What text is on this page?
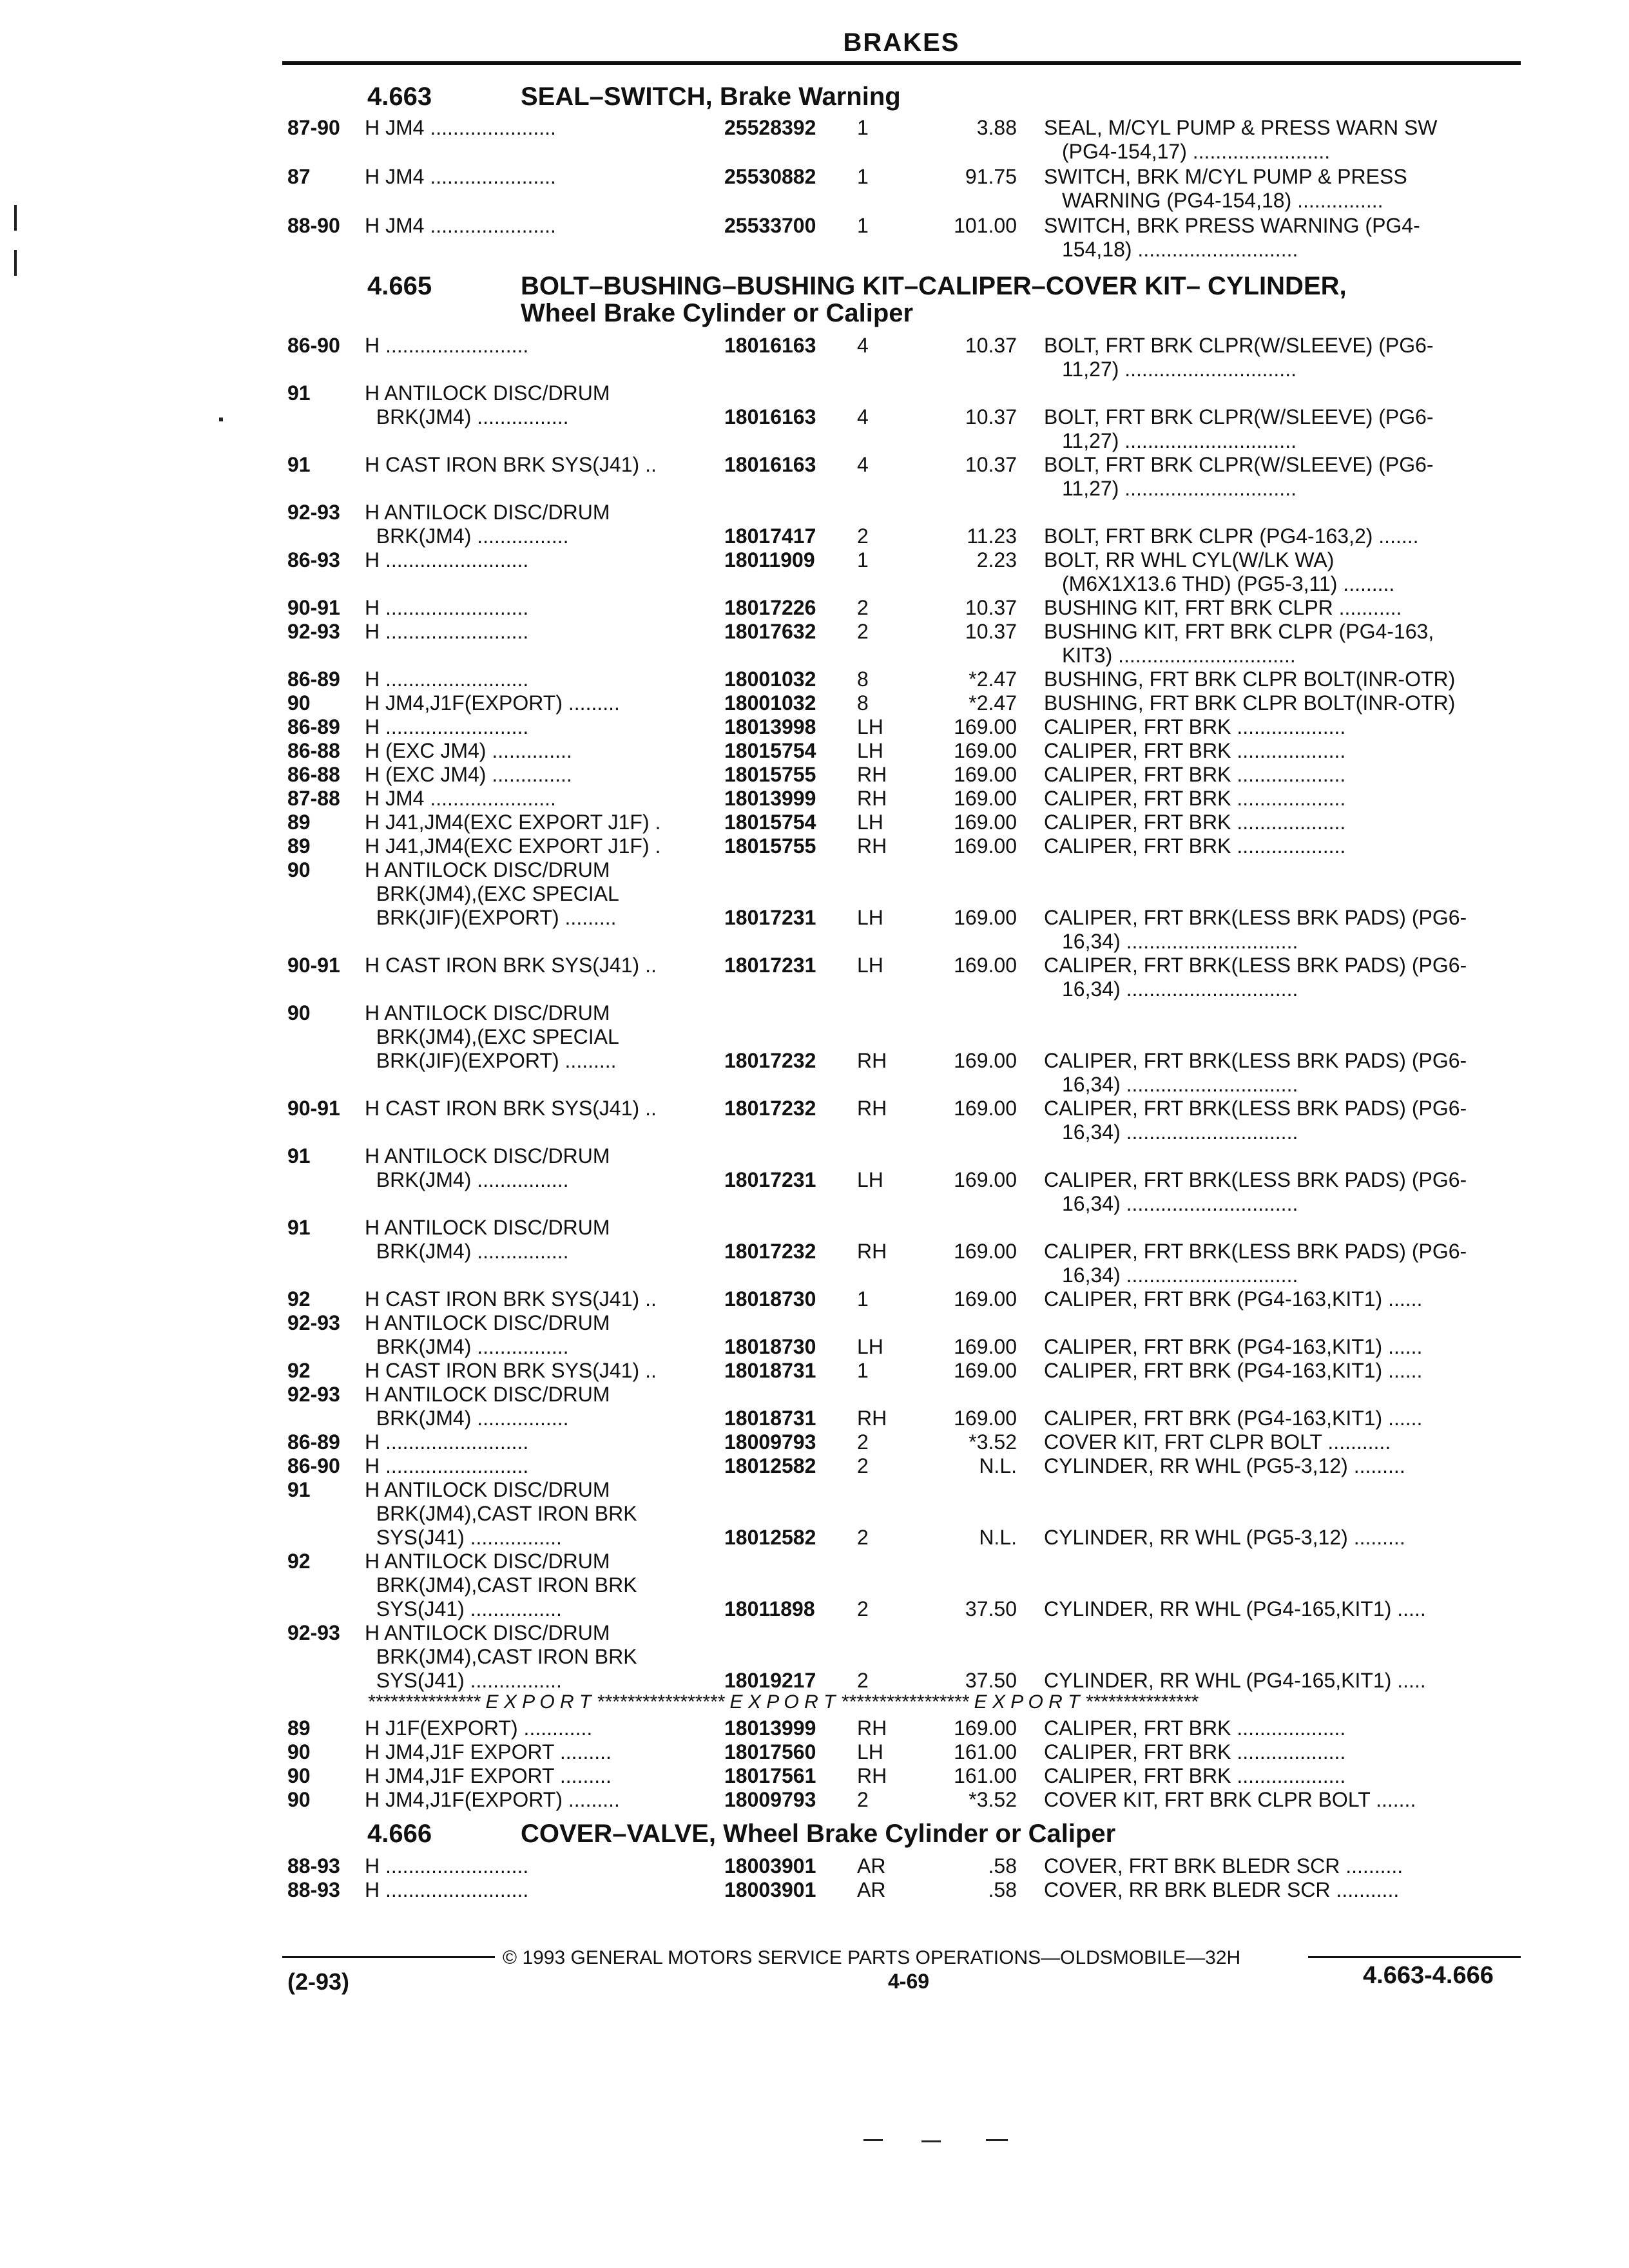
BRAKES
4.663	SEAL–SWITCH, Brake Warning
87-90 H JM4 ......................	25528392 1	3.88 SEAL, M/CYL PUMP & PRESS WARN SW
(PG4-154,17) ........................
87	H JM4 ......................	25530882 1	91.75 SWITCH, BRK M/CYL PUMP & PRESS
WARNING (PG4-154,18) ...............
88-90 H JM4 ......................	25533700 1	101.00 SWITCH, BRK PRESS WARNING (PG4-
154,18) ............................
4.665	BOLT–BUSHING–BUSHING KIT–CALIPER–COVER KIT– CYLINDER,
Wheel Brake Cylinder or Caliper
86-90 H .........................	18016163 4	10.37 BOLT, FRT BRK CLPR(W/SLEEVE) (PG6-
11,27) ..............................
91	H ANTILOCK DISC/DRUM
BRK(JM4) ................	18016163 4	10.37 BOLT, FRT BRK CLPR(W/SLEEVE) (PG6-
11,27) ..............................
91	H CAST IRON BRK SYS(J41) ..	18016163 4	10.37 BOLT, FRT BRK CLPR(W/SLEEVE) (PG6-
11,27) ..............................
92-93 H ANTILOCK DISC/DRUM
BRK(JM4) ................	18017417 2	11.23 BOLT, FRT BRK CLPR (PG4-163,2) .......
86-93 H .........................	18011909 1	2.23 BOLT, RR WHL CYL(W/LK WA)
(M6X1X13.6 THD) (PG5-3,11) .........
90-91 H .........................	18017226 2	10.37 BUSHING KIT, FRT BRK CLPR ...........
92-93 H .........................	18017632 2	10.37 BUSHING KIT, FRT BRK CLPR (PG4-163,
KIT3) ...............................
86-89 H .........................	18001032 8	*2.47 BUSHING, FRT BRK CLPR BOLT(INR-OTR)
90	H JM4,J1F(EXPORT) .........	18001032 8	*2.47 BUSHING, FRT BRK CLPR BOLT(INR-OTR)
86-89 H .........................	18013998 LH	169.00 CALIPER, FRT BRK ...................
86-88 H (EXC JM4) ..............	18015754 LH	169.00 CALIPER, FRT BRK ...................
86-88 H (EXC JM4) ..............	18015755 RH	169.00 CALIPER, FRT BRK ...................
87-88 H JM4 ......................	18013999 RH	169.00 CALIPER, FRT BRK ...................
89	H J41,JM4(EXC EXPORT J1F) .	18015754 LH	169.00 CALIPER, FRT BRK ...................
89	H J41,JM4(EXC EXPORT J1F) .	18015755 RH	169.00 CALIPER, FRT BRK ...................
90	H ANTILOCK DISC/DRUM
BRK(JM4),(EXC SPECIAL
BRK(JIF)(EXPORT) .........	18017231 LH	169.00 CALIPER, FRT BRK(LESS BRK PADS) (PG6-
16,34) ..............................
90-91 H CAST IRON BRK SYS(J41) ..	18017231 LH	169.00 CALIPER, FRT BRK(LESS BRK PADS) (PG6-
16,34) ..............................
90	H ANTILOCK DISC/DRUM
BRK(JM4),(EXC SPECIAL
BRK(JIF)(EXPORT) .........	18017232 RH	169.00 CALIPER, FRT BRK(LESS BRK PADS) (PG6-
16,34) ..............................
90-91 H CAST IRON BRK SYS(J41) ..	18017232 RH	169.00 CALIPER, FRT BRK(LESS BRK PADS) (PG6-
16,34) ..............................
91	H ANTILOCK DISC/DRUM
BRK(JM4) ................	18017231 LH	169.00 CALIPER, FRT BRK(LESS BRK PADS) (PG6-
16,34) ..............................
91	H ANTILOCK DISC/DRUM
BRK(JM4) ................	18017232 RH	169.00 CALIPER, FRT BRK(LESS BRK PADS) (PG6-
16,34) ..............................
92	H CAST IRON BRK SYS(J41) ..	18018730 1	169.00 CALIPER, FRT BRK (PG4-163,KIT1) ......
92-93 H ANTILOCK DISC/DRUM
BRK(JM4) ................	18018730 LH	169.00 CALIPER, FRT BRK (PG4-163,KIT1) ......
92	H CAST IRON BRK SYS(J41) ..	18018731 1	169.00 CALIPER, FRT BRK (PG4-163,KIT1) ......
92-93 H ANTILOCK DISC/DRUM
BRK(JM4) ................	18018731 RH	169.00 CALIPER, FRT BRK (PG4-163,KIT1) ......
86-89 H .........................	18009793 2	*3.52 COVER KIT, FRT CLPR BOLT ...........
86-90 H .........................	18012582 2	N.L. CYLINDER, RR WHL (PG5-3,12) .........
91	H ANTILOCK DISC/DRUM
BRK(JM4),CAST IRON BRK
SYS(J41) ................	18012582 2	N.L. CYLINDER, RR WHL (PG5-3,12) .........
92	H ANTILOCK DISC/DRUM
BRK(JM4),CAST IRON BRK
SYS(J41) ................	18011898 2	37.50 CYLINDER, RR WHL (PG4-165,KIT1) .....
92-93 H ANTILOCK DISC/DRUM
BRK(JM4),CAST IRON BRK
SYS(J41) ................	18019217 2	37.50 CYLINDER, RR WHL (PG4-165,KIT1) .....
*************** E X P O R T ***************** E X P O R T ***************** E X P O R T ***************
89	H J1F(EXPORT) ............	18013999 RH	169.00 CALIPER, FRT BRK ...................
90	H JM4,J1F EXPORT .........	18017560 LH	161.00 CALIPER, FRT BRK ...................
90	H JM4,J1F EXPORT .........	18017561 RH	161.00 CALIPER, FRT BRK ...................
90	H JM4,J1F(EXPORT) .........	18009793 2	*3.52 COVER KIT, FRT BRK CLPR BOLT .......
4.666	COVER–VALVE, Wheel Brake Cylinder or Caliper
88-93 H .........................	18003901 AR	.58 COVER, FRT BRK BLEDR SCR ..........
88-93 H .........................	18003901 AR	.58 COVER, RR BRK BLEDR SCR ...........
© 1993 GENERAL MOTORS SERVICE PARTS OPERATIONS—OLDSMOBILE—32H
(2-93)	4-69	4.663-4.666
